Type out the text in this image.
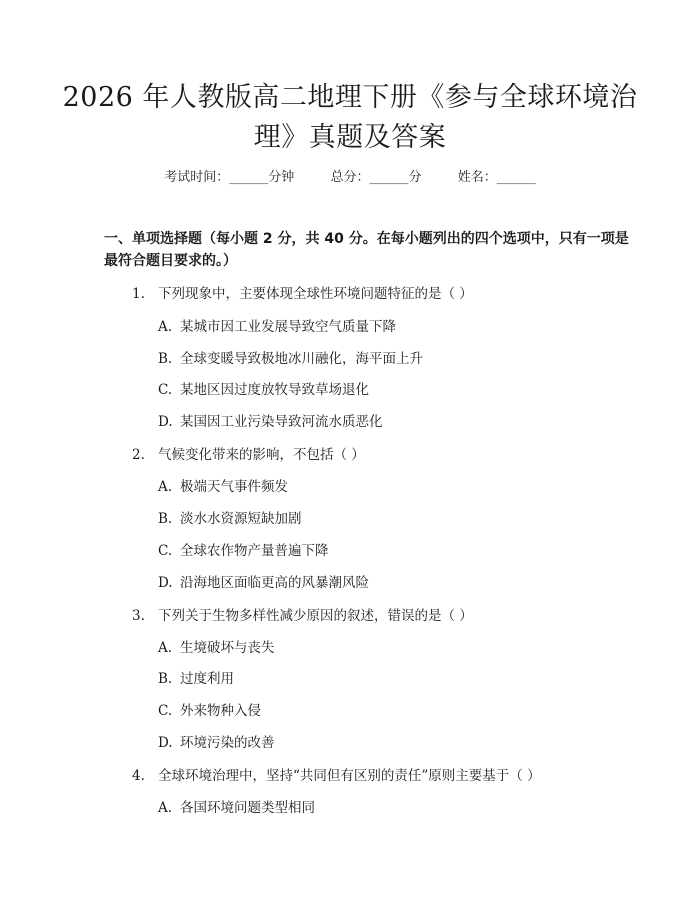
2026 年人教版高二地理下册《参与全球环境治理》真题及答案
考试时间：______分钟	总分：______分	姓名：______
一、单项选择题（每小题 2 分，共 40 分。在每小题列出的四个选项中，只有一项是最符合题目要求的。）
1. 下列现象中，主要体现全球性环境问题特征的是（ ）
A. 某城市因工业发展导致空气质量下降
B. 全球变暖导致极地冰川融化，海平面上升
C. 某地区因过度放牧导致草场退化
D. 某国因工业污染导致河流水质恶化
2. 气候变化带来的影响，不包括（ ）
A. 极端天气事件频发
B. 淡水水资源短缺加剧
C. 全球农作物产量普遍下降
D. 沿海地区面临更高的风暴潮风险
3. 下列关于生物多样性减少原因的叙述，错误的是（ ）
A. 生境破坏与丧失
B. 过度利用
C. 外来物种入侵
D. 环境污染的改善
4. 全球环境治理中，坚持“共同但有区别的责任”原则主要基于（ ）
A. 各国环境问题类型相同
